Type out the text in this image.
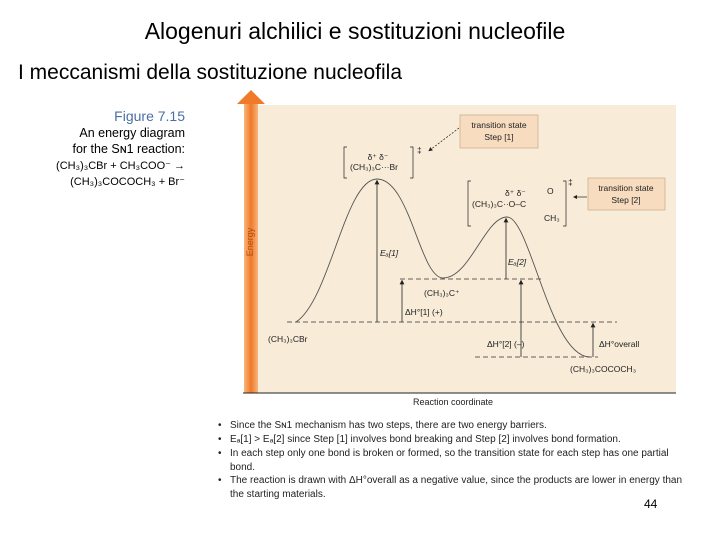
Alogenuri alchilici e sostituzioni nucleofile
I meccanismi della sostituzione nucleofila
Figure 7.15
An energy diagram
for the Sɴ1 reaction:
(CH₃)₃CBr + CH₃COO⁻ →
(CH₃)₃COCOCH₃ + Br⁻
Energy
Reaction coordinate
δ⁺ δ⁻
(CH₃)₃C···Br
‡
δ⁺ δ⁻
(CH₃)₃C··O–C
O
CH₃
‡
(CH₃)₃CBr
(CH₃)₃C⁺
(CH₃)₃COCOCH₃
Eₐ[1]
Eₐ[2]
ΔH°[1] (+)
ΔH°[2] (–)	ΔH°overall
transition state
Step [1]
transition state
Step [2]
• Since the Sɴ1 mechanism has two steps, there are two energy barriers.
• Eₐ[1] > Eₐ[2] since Step [1] involves bond breaking and Step [2] involves bond formation.
• In each step only one bond is broken or formed, so the transition state for each step has one partial bond.
• The reaction is drawn with ΔH°overall as a negative value, since the products are lower in energy than the starting materials.
44
